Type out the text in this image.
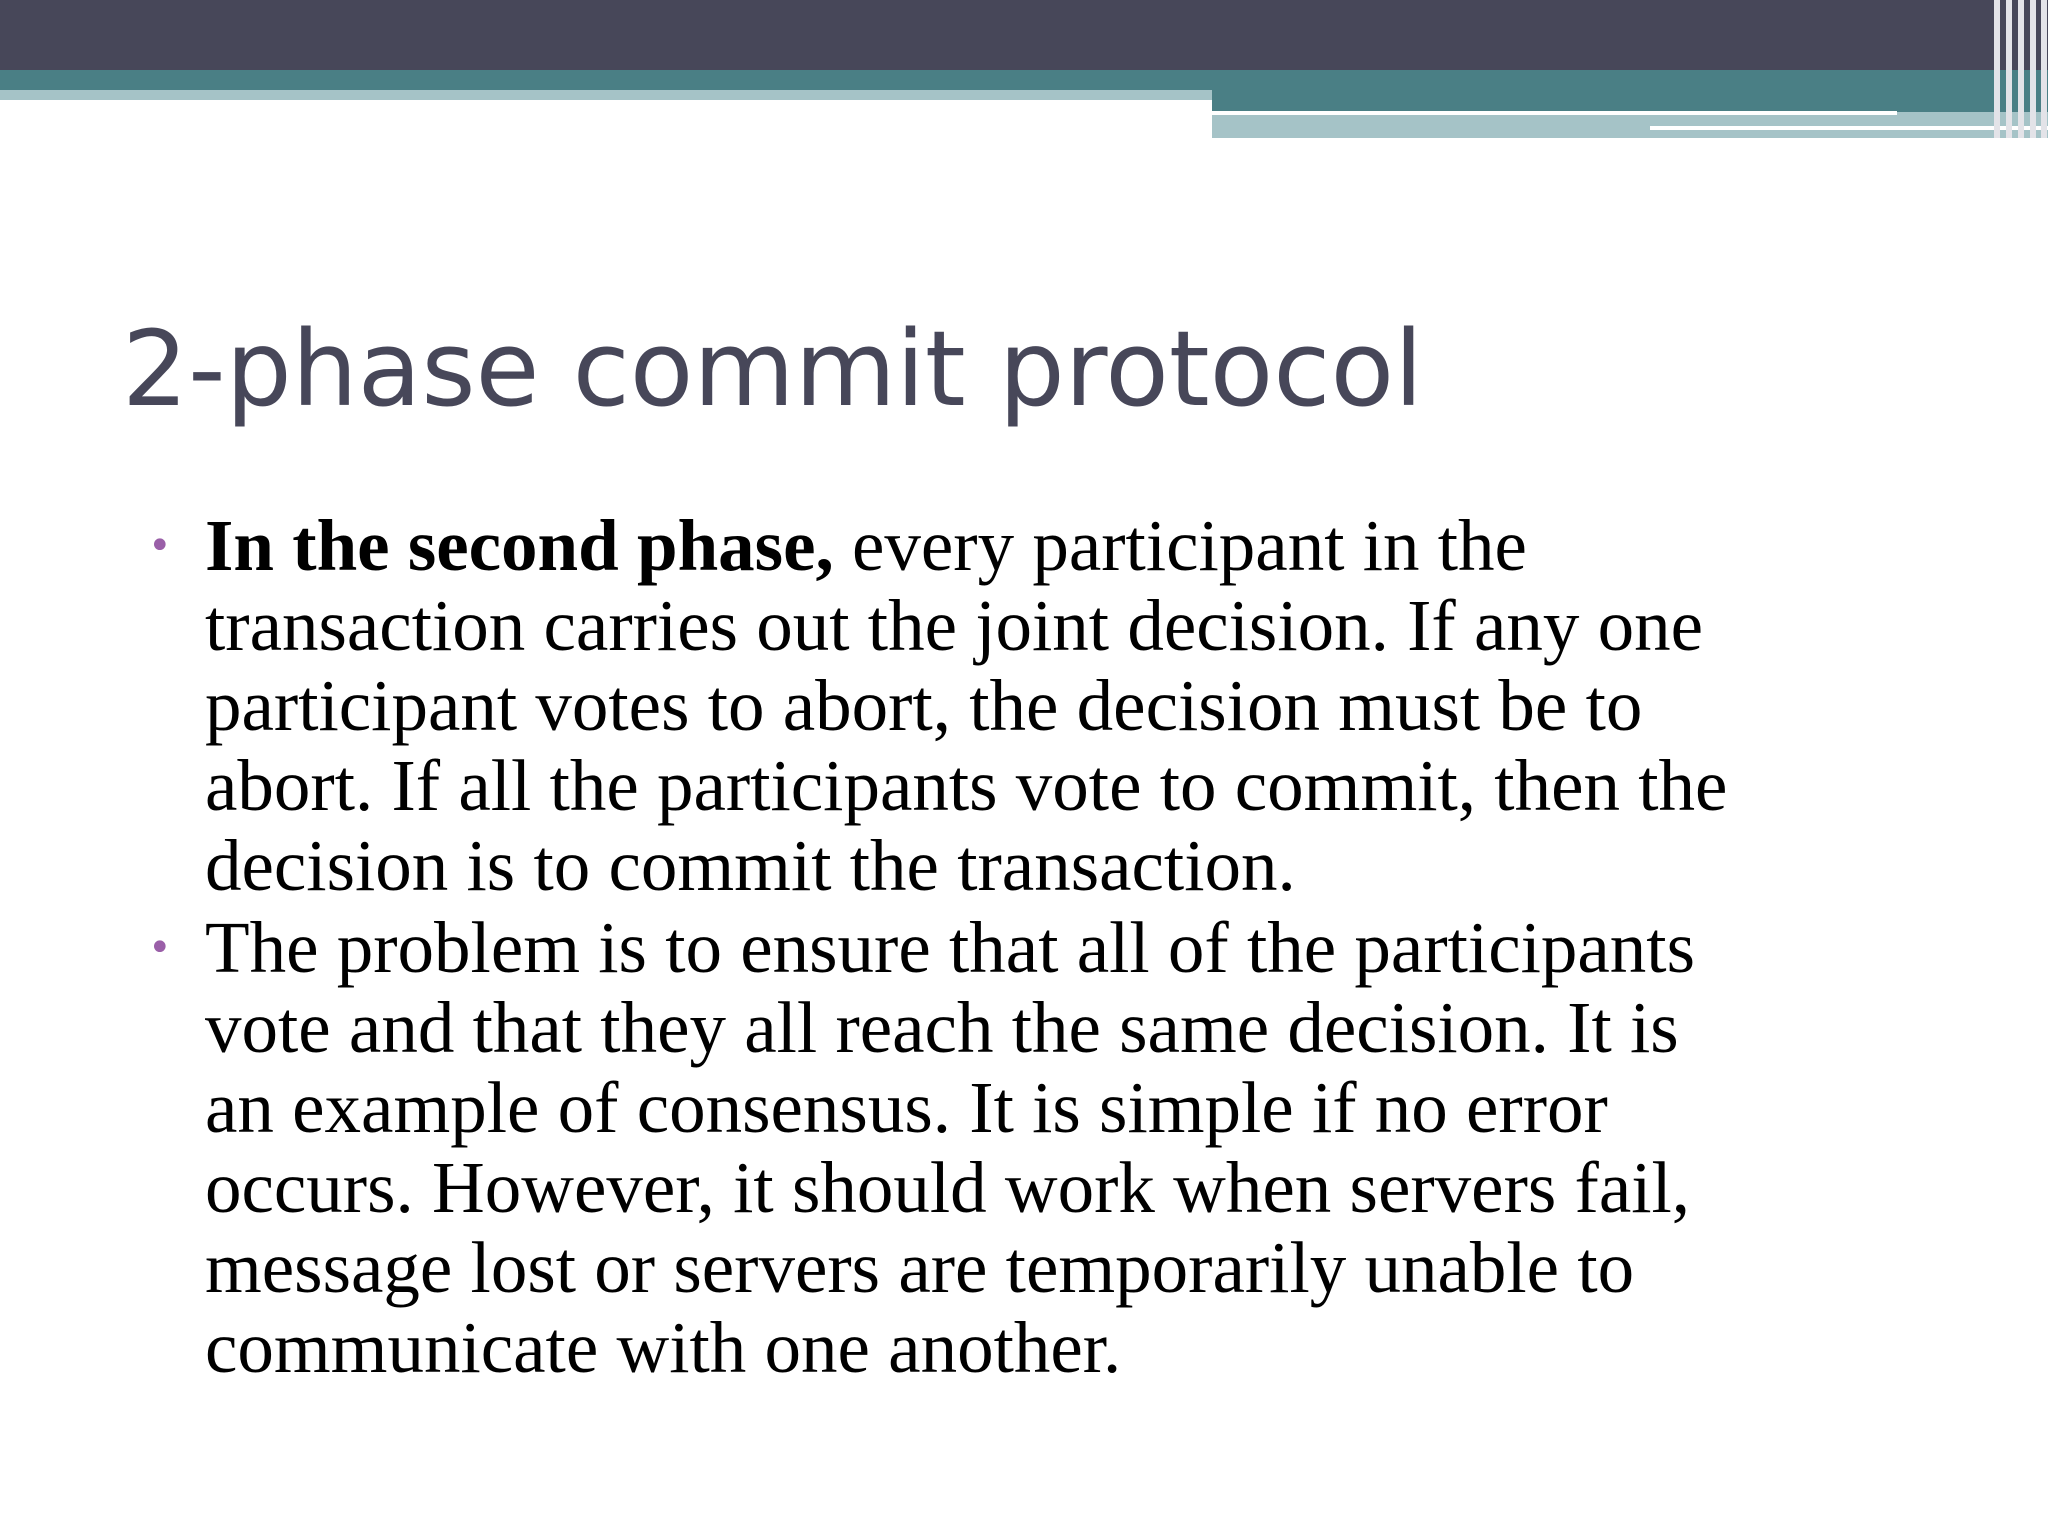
2-phase commit protocol
• In the second phase, every participant in the
transaction carries out the joint decision. If any one
participant votes to abort, the decision must be to
abort. If all the participants vote to commit, then the
decision is to commit the transaction.
• The problem is to ensure that all of the participants
vote and that they all reach the same decision. It is
an example of consensus. It is simple if no error
occurs. However, it should work when servers fail,
message lost or servers are temporarily unable to
communicate with one another.
